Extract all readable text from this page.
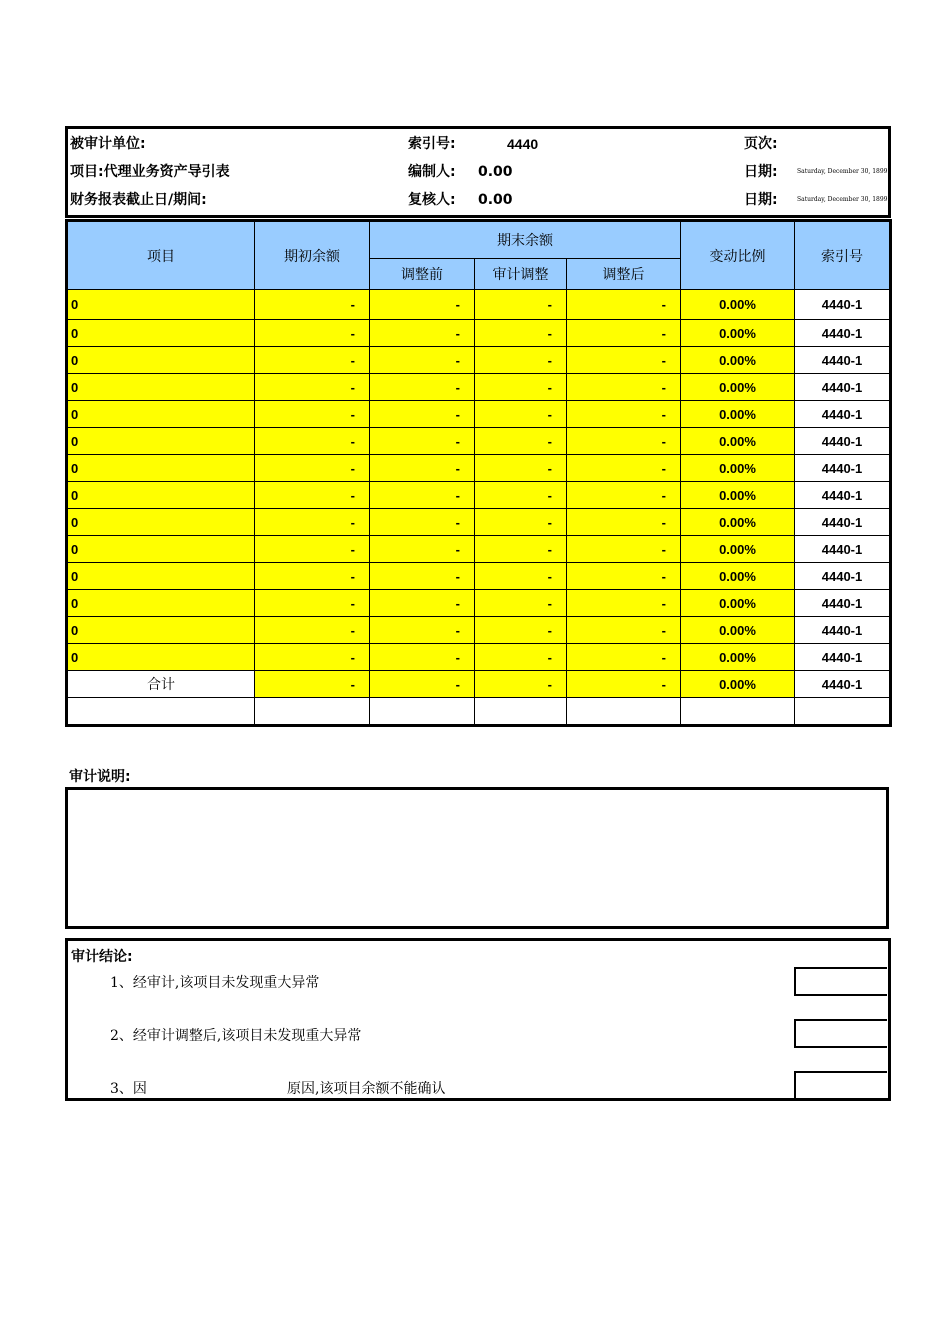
被审计单位:	索引号:	4440	页次:
项目:代理业务资产导引表	编制人: 0.00	日期:	Saturday, December 30, 1899
财务报表截止日/期间:	复核人: 0.00	日期:	Saturday, December 30, 1899
项目	期初余额	期末余额			变动比例	索引号
		调整前	审计调整	调整后		
0	-	-	-	-	0.00%	4440-1
0	-	-	-	-	0.00%	4440-1
0	-	-	-	-	0.00%	4440-1
0	-	-	-	-	0.00%	4440-1
0	-	-	-	-	0.00%	4440-1
0	-	-	-	-	0.00%	4440-1
0	-	-	-	-	0.00%	4440-1
0	-	-	-	-	0.00%	4440-1
0	-	-	-	-	0.00%	4440-1
0	-	-	-	-	0.00%	4440-1
0	-	-	-	-	0.00%	4440-1
0	-	-	-	-	0.00%	4440-1
0	-	-	-	-	0.00%	4440-1
0	-	-	-	-	0.00%	4440-1
合计	-	-	-	-	0.00%	4440-1

审计说明:
审计结论:
1、经审计,该项目未发现重大异常
2、经审计调整后,该项目未发现重大异常
3、因	原因,该项目余额不能确认
